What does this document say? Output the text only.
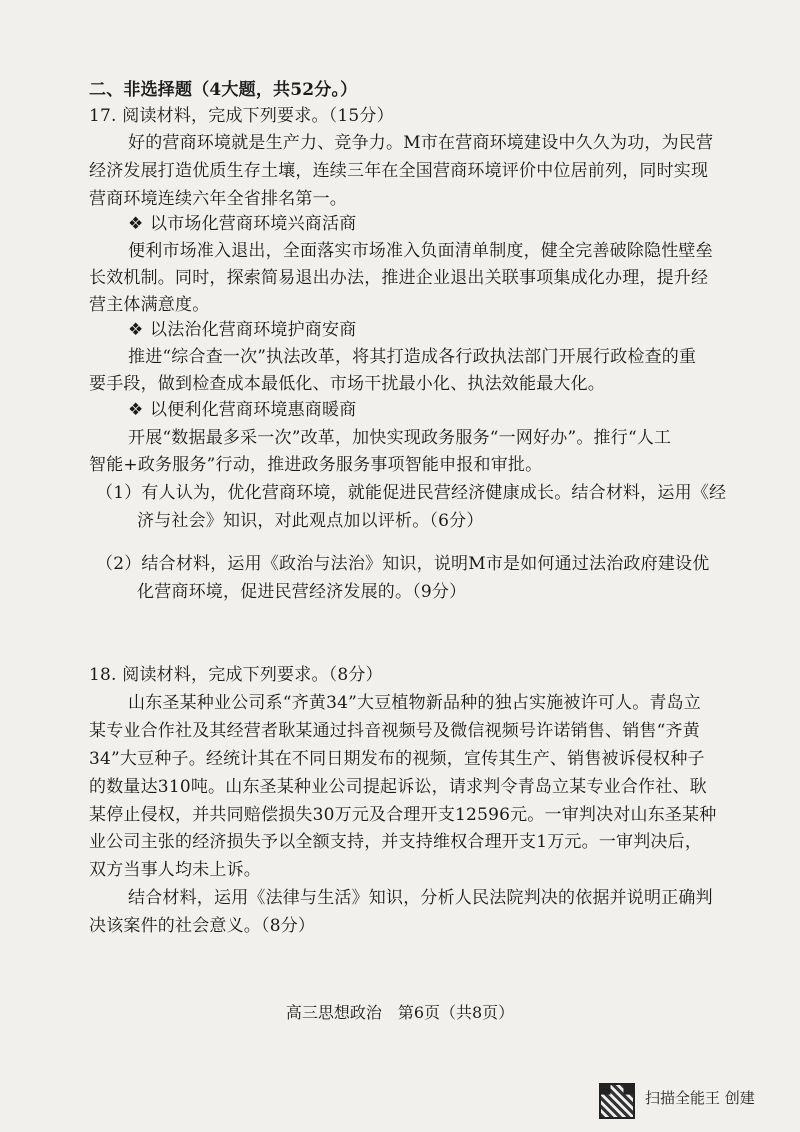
二、非选择题（4大题，共52分。）
17. 阅读材料，完成下列要求。（15分）
好的营商环境就是生产力、竞争力。M市在营商环境建设中久久为功，为民营
经济发展打造优质生存土壤，连续三年在全国营商环境评价中位居前列，同时实现
营商环境连续六年全省排名第一。
❖ 以市场化营商环境兴商活商
便利市场准入退出，全面落实市场准入负面清单制度，健全完善破除隐性壁垒
长效机制。同时，探索简易退出办法，推进企业退出关联事项集成化办理，提升经
营主体满意度。
❖ 以法治化营商环境护商安商
推进“综合查一次”执法改革，将其打造成各行政执法部门开展行政检查的重
要手段，做到检查成本最低化、市场干扰最小化、执法效能最大化。
❖ 以便利化营商环境惠商暖商
开展“数据最多采一次”改革，加快实现政务服务“一网好办”。推行“人工
智能+政务服务”行动，推进政务服务事项智能申报和审批。
（1）有人认为，优化营商环境，就能促进民营经济健康成长。结合材料，运用《经
济与社会》知识，对此观点加以评析。（6分）
（2）结合材料，运用《政治与法治》知识，说明M市是如何通过法治政府建设优
化营商环境，促进民营经济发展的。（9分）
18. 阅读材料，完成下列要求。（8分）
山东圣某种业公司系“齐黄34”大豆植物新品种的独占实施被许可人。青岛立
某专业合作社及其经营者耿某通过抖音视频号及微信视频号许诺销售、销售“齐黄
34”大豆种子。经统计其在不同日期发布的视频，宣传其生产、销售被诉侵权种子
的数量达310吨。山东圣某种业公司提起诉讼，请求判令青岛立某专业合作社、耿
某停止侵权，并共同赔偿损失30万元及合理开支12596元。一审判决对山东圣某种
业公司主张的经济损失予以全额支持，并支持维权合理开支1万元。一审判决后，
双方当事人均未上诉。
结合材料，运用《法律与生活》知识，分析人民法院判决的依据并说明正确判
决该案件的社会意义。（8分）
高三思想政治　第6页（共8页）
扫描全能王 创建
